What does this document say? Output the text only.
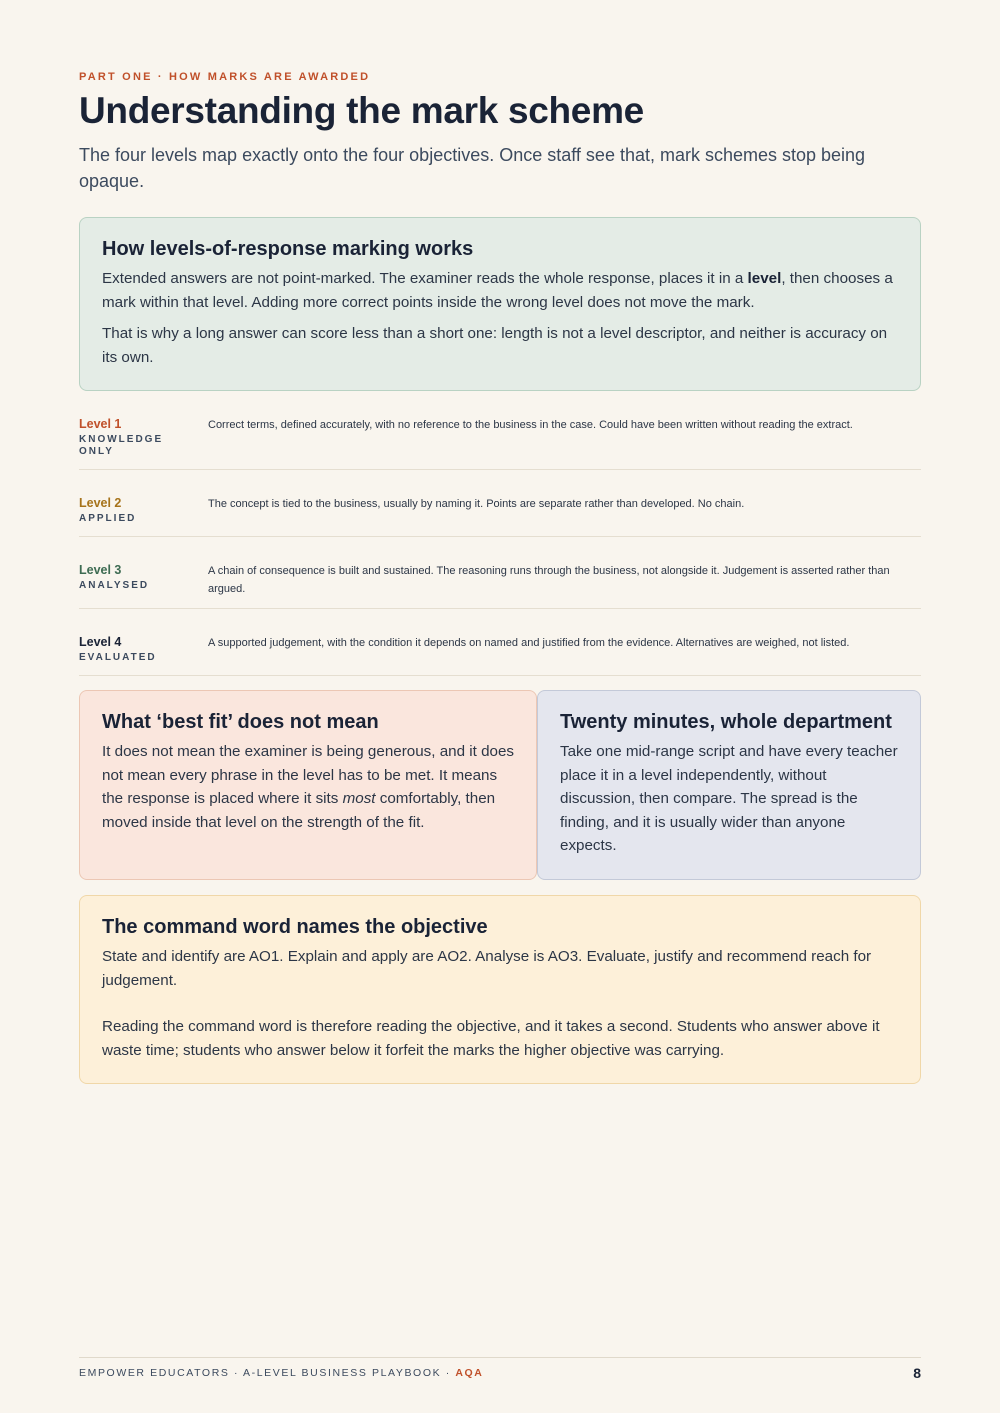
PART ONE · HOW MARKS ARE AWARDED
Understanding the mark scheme

The four levels map exactly onto the four objectives. Once staff see that, mark schemes stop being opaque.

How levels-of-response marking works

Extended answers are not point-marked. The examiner reads the whole response, places it in a level, then chooses a mark within that level. Adding more correct points inside the wrong level does not move the mark.

That is why a long answer can score less than a short one: length is not a level descriptor, and neither is accuracy on its own.

Level 1
KNOWLEDGE ONLY
Correct terms, defined accurately, with no reference to the business in the case. Could have been written without reading the extract.
Level 2
APPLIED
The concept is tied to the business, usually by naming it. Points are separate rather than developed. No chain.
Level 3
ANALYSED
A chain of consequence is built and sustained. The reasoning runs through the business, not alongside it. Judgement is asserted rather than argued.
Level 4
EVALUATED
A supported judgement, with the condition it depends on named and justified from the evidence. Alternatives are weighed, not listed.
What ‘best fit’ does not mean

It does not mean the examiner is being generous, and it does not mean every phrase in the level has to be met. It means the response is placed where it sits most comfortably, then moved inside that level on the strength of the fit.

Twenty minutes, whole department

Take one mid-range script and have every teacher place it in a level independently, without discussion, then compare. The spread is the finding, and it is usually wider than anyone expects.

The command word names the objective

State and identify are AO1. Explain and apply are AO2. Analyse is AO3. Evaluate, justify and recommend reach for judgement.

Reading the command word is therefore reading the objective, and it takes a second. Students who answer above it waste time; students who answer below it forfeit the marks the higher objective was carrying.

EMPOWER EDUCATORS · A-LEVEL BUSINESS PLAYBOOK · AQA	8
